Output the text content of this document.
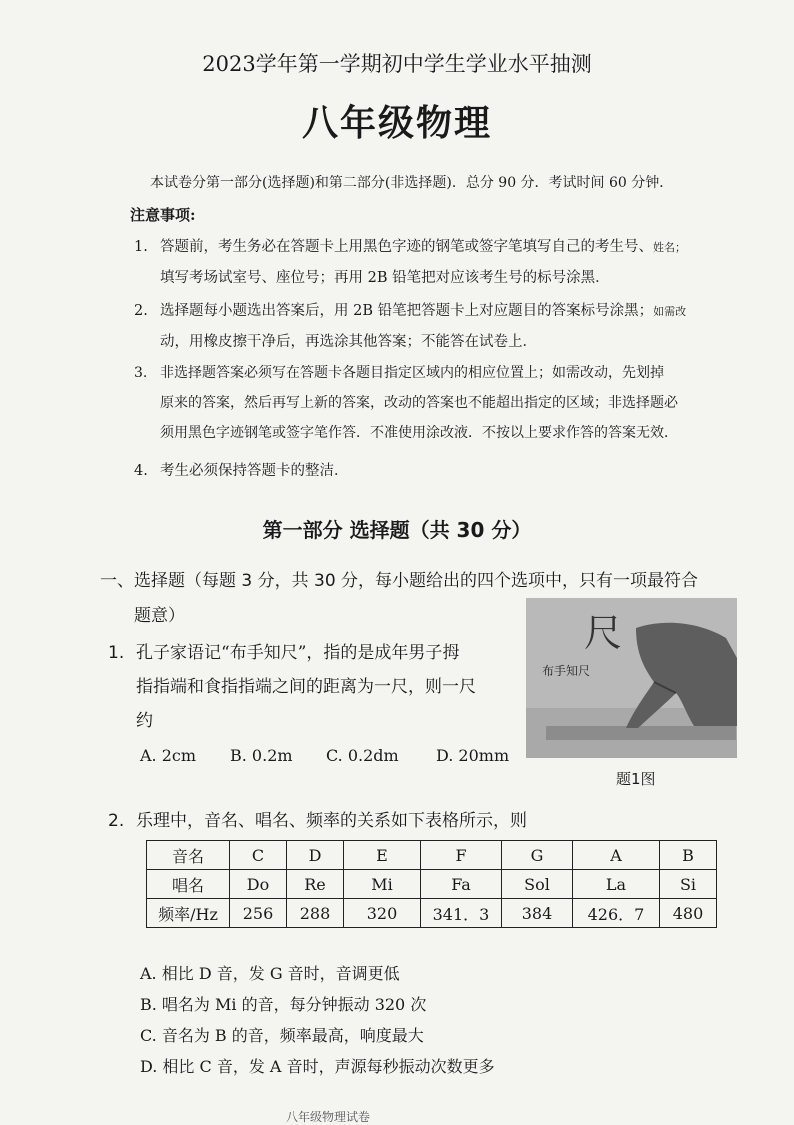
2023学年第一学期初中学生学业水平抽测
八年级物理
本试卷分第一部分(选择题)和第二部分(非选择题)．总分 90 分．考试时间 60 分钟．
注意事项:
1. 答题前，考生务必在答题卡上用黑色字迹的钢笔或签字笔填写自己的考生号、姓名；
填写考场试室号、座位号；再用 2B 铅笔把对应该考生号的标号涂黑．
2. 选择题每小题选出答案后，用 2B 铅笔把答题卡上对应题目的答案标号涂黑；如需改
动，用橡皮擦干净后，再选涂其他答案；不能答在试卷上．
3. 非选择题答案必须写在答题卡各题目指定区域内的相应位置上；如需改动，先划掉
原来的答案，然后再写上新的答案，改动的答案也不能超出指定的区域；非选择题必
须用黑色字迹钢笔或签字笔作答．不准使用涂改液．不按以上要求作答的答案无效．
4. 考生必须保持答题卡的整洁．
第一部分 选择题（共 30 分）
一、选择题（每题 3 分，共 30 分，每小题给出的四个选项中，只有一项最符合
题意）
1. 孔子家语记“布手知尺”，指的是成年男子拇
指指端和食指指端之间的距离为一尺，则一尺
约
A. 2cm B. 0.2m C. 0.2dm D. 20mm
尺
布手知尺
题1图
2. 乐理中，音名、唱名、频率的关系如下表格所示，则
音名	C	D	E	F	G	A	B
唱名	Do	Re	Mi	Fa	Sol	La	Si
频率/Hz	256	288	320	341．3	384	426．7	480
A. 相比 D 音，发 G 音时，音调更低
B. 唱名为 Mi 的音，每分钟振动 320 次
C. 音名为 B 的音，频率最高，响度最大
D. 相比 C 音，发 A 音时，声源每秒振动次数更多
八年级物理试卷
